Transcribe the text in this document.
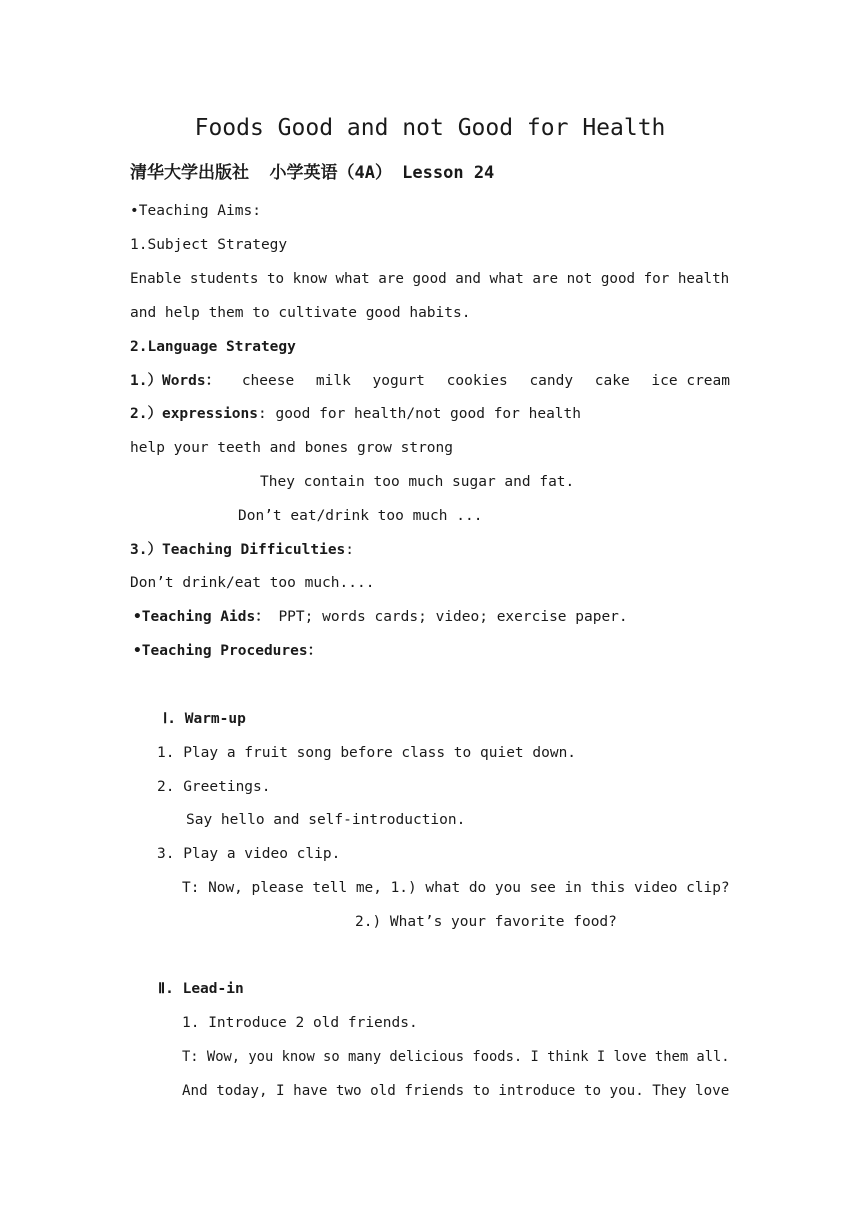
Foods Good and not Good for Health
清华大学出版社  小学英语（4A） Lesson 24
•Teaching Aims:
1.Subject Strategy
Enable students to know what are good and what are not good for health
and help them to cultivate good habits.
2.Language Strategy
1.）Words： cheese milk yogurt cookies candy cake ice cream
2.）expressions: good for health/not good for health
help your teeth and bones grow strong
They contain too much sugar and fat.
Don’t eat/drink too much ...
3.）Teaching Difficulties:
Don’t drink/eat too much....
•Teaching Aids： PPT; words cards; video; exercise paper.
•Teaching Procedures：
Ⅰ. Warm-up
1. Play a fruit song before class to quiet down.
2. Greetings.
Say hello and self-introduction.
3. Play a video clip.
T: Now, please tell me, 1.) what do you see in this video clip?
2.) What’s your favorite food?
Ⅱ. Lead-in
1. Introduce 2 old friends.
T: Wow, you know so many delicious foods. I think I love them all.
And today, I have two old friends to introduce to you. They love
